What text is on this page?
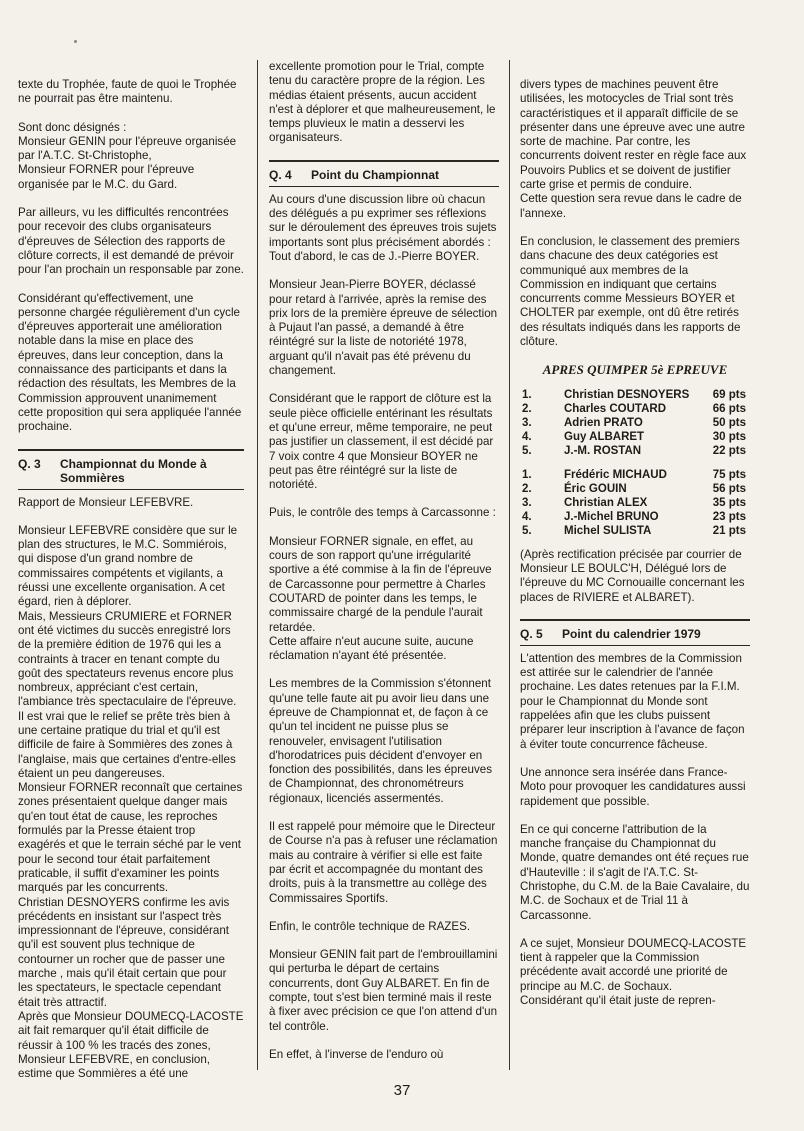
texte du Trophée, faute de quoi le Trophée ne pourrait pas être maintenu.

Sont donc désignés :
Monsieur GENIN pour l'épreuve organisée par l'A.T.C. St-Christophe,
Monsieur FORNER pour l'épreuve organisée par le M.C. du Gard.

Par ailleurs, vu les difficultés rencontrées pour recevoir des clubs organisateurs d'épreuves de Sélection des rapports de clôture corrects, il est demandé de prévoir pour l'an prochain un responsable par zone.

Considérant qu'effectivement, une personne chargée régulièrement d'un cycle d'épreuves apporterait une amélioration notable dans la mise en place des épreuves, dans leur conception, dans la connaissance des participants et dans la rédaction des résultats, les Membres de la Commission approuvent unanimement cette proposition qui sera appliquée l'année prochaine.

Q. 3	Championnat du Monde à
Sommières

Rapport de Monsieur LEFEBVRE.

Monsieur LEFEBVRE considère que sur le plan des structures, le M.C. Sommiérois, qui dispose d'un grand nombre de commissaires compétents et vigilants, a réussi une excellente organisation. A cet égard, rien à déplorer.
Mais, Messieurs CRUMIERE et FORNER ont été victimes du succès enregistré lors de la première édition de 1976 qui les a contraints à tracer en tenant compte du goût des spectateurs revenus encore plus nombreux, appréciant c'est certain, l'ambiance très spectaculaire de l'épreuve. Il est vrai que le relief se prête très bien à une certaine pratique du trial et qu'il est difficile de faire à Sommières des zones à l'anglaise, mais que certaines d'entre-elles étaient un peu dangereuses.
Monsieur FORNER reconnaît que certaines zones présentaient quelque danger mais qu'en tout état de cause, les reproches formulés par la Presse étaient trop exagérés et que le terrain séché par le vent pour le second tour était parfaitement praticable, il suffit d'examiner les points marqués par les concurrents.
Christian DESNOYERS confirme les avis précédents en insistant sur l'aspect très impressionnant de l'épreuve, considérant qu'il est souvent plus technique de contourner un rocher que de passer une marche , mais qu'il était certain que pour les spectateurs, le spectacle cependant était très attractif.
Après que Monsieur DOUMECQ-LACOSTE ait fait remarquer qu'il était difficile de réussir à 100 % les tracés des zones, Monsieur LEFEBVRE, en conclusion, estime que Sommières a été une

excellente promotion pour le Trial, compte tenu du caractère propre de la région. Les médias étaient présents, aucun accident n'est à déplorer et que malheureusement, le temps pluvieux le matin a desservi les organisateurs.

Q. 4	Point du Championnat

Au cours d'une discussion libre où chacun des délégués a pu exprimer ses réflexions sur le déroulement des épreuves trois sujets importants sont plus précisément abordés :
Tout d'abord, le cas de J.-Pierre BOYER.

Monsieur Jean-Pierre BOYER, déclassé pour retard à l'arrivée, après la remise des prix lors de la première épreuve de sélection à Pujaut l'an passé, a demandé à être réintégré sur la liste de notoriété 1978, arguant qu'il n'avait pas été prévenu du changement.

Considérant que le rapport de clôture est la seule pièce officielle entérinant les résultats et qu'une erreur, même temporaire, ne peut pas justifier un classement, il est décidé par 7 voix contre 4 que Monsieur BOYER ne peut pas être réintégré sur la liste de notoriété.

Puis, le contrôle des temps à Carcassonne :

Monsieur FORNER signale, en effet, au cours de son rapport qu'une irrégularité sportive a été commise à la fin de l'épreuve de Carcassonne pour permettre à Charles COUTARD de pointer dans les temps, le commissaire chargé de la pendule l'aurait retardée.
Cette affaire n'eut aucune suite, aucune réclamation n'ayant été présentée.

Les membres de la Commission s'étonnent qu'une telle faute ait pu avoir lieu dans une épreuve de Championnat et, de façon à ce qu'un tel incident ne puisse plus se renouveler, envisagent l'utilisation d'horodatrices puis décident d'envoyer en fonction des possibilités, dans les épreuves de Championnat, des chronométreurs régionaux, licenciés assermentés.

Il est rappelé pour mémoire que le Directeur de Course n'a pas à refuser une réclamation mais au contraire à vérifier si elle est faite par écrit et accompagnée du montant des droits, puis à la transmettre au collège des Commissaires Sportifs.

Enfin, le contrôle technique de RAZES.

Monsieur GENIN fait part de l'embrouillamini qui perturba le départ de certains concurrents, dont Guy ALBARET. En fin de compte, tout s'est bien terminé mais il reste à fixer avec précision ce que l'on attend d'un tel contrôle.

En effet, à l'inverse de l'enduro où

divers types de machines peuvent être utilisées, les motocycles de Trial sont très caractéristiques et il apparaît difficile de se présenter dans une épreuve avec une autre sorte de machine. Par contre, les concurrents doivent rester en règle face aux Pouvoirs Publics et se doivent de justifier carte grise et permis de conduire.
Cette question sera revue dans le cadre de l'annexe.

En conclusion, le classement des premiers dans chacune des deux catégories est communiqué aux membres de la Commission en indiquant que certains concurrents comme Messieurs BOYER et CHOLTER par exemple, ont dû être retirés des résultats indiqués dans les rapports de clôture.

APRES QUIMPER 5è EPREUVE
1.	Christian DESNOYERS	69 pts
2.	Charles COUTARD	66 pts
3.	Adrien PRATO	50 pts
4.	Guy ALBARET	30 pts
5.	J.-M. ROSTAN	22 pts
1.	Frédéric MICHAUD	75 pts
2.	Éric GOUIN	56 pts
3.	Christian ALEX	35 pts
4.	J.-Michel BRUNO	23 pts
5.	Michel SULISTA	21 pts

(Après rectification précisée par courrier de Monsieur LE BOULC'H, Délégué lors de l'épreuve du MC Cornouaille concernant les places de RIVIERE et ALBARET).

Q. 5	Point du calendrier 1979

L'attention des membres de la Commission est attirée sur le calendrier de l'année prochaine. Les dates retenues par la F.I.M. pour le Championnat du Monde sont rappelées afin que les clubs puissent préparer leur inscription à l'avance de façon à éviter toute concurrence fâcheuse.

Une annonce sera insérée dans France-Moto pour provoquer les candidatures aussi rapidement que possible.

En ce qui concerne l'attribution de la manche française du Championnat du Monde, quatre demandes ont été reçues rue d'Hauteville : il s'agit de l'A.T.C. St-Christophe, du C.M. de la Baie Cavalaire, du M.C. de Sochaux et de Trial 11 à Carcassonne.

A ce sujet, Monsieur DOUMECQ-LACOSTE tient à rappeler que la Commission précédente avait accordé une priorité de principe au M.C. de Sochaux.
Considérant qu'il était juste de repren-

37
